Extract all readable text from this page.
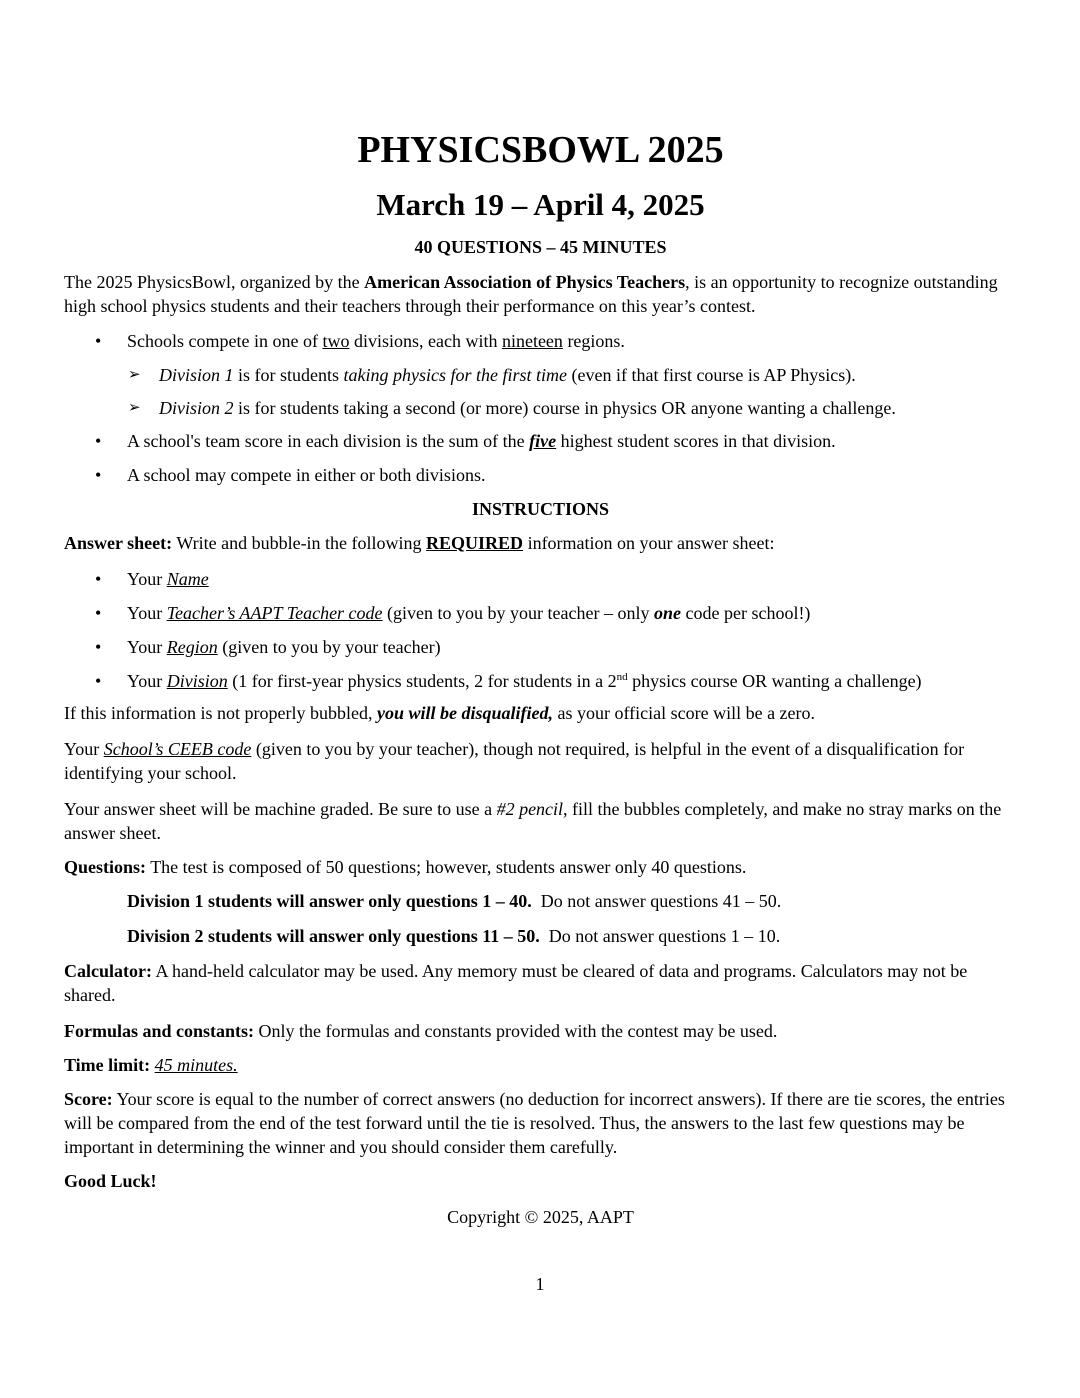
PHYSICSBOWL 2025
March 19 – April 4, 2025
40 QUESTIONS – 45 MINUTES

The 2025 PhysicsBowl, organized by the American Association of Physics Teachers, is an opportunity to recognize outstanding high school physics students and their teachers through their performance on this year’s contest.

• Schools compete in one of two divisions, each with nineteen regions.
➢ Division 1 is for students taking physics for the first time (even if that first course is AP Physics).
➢ Division 2 is for students taking a second (or more) course in physics OR anyone wanting a challenge.
• A school's team score in each division is the sum of the five highest student scores in that division.
• A school may compete in either or both divisions.

INSTRUCTIONS

Answer sheet: Write and bubble-in the following REQUIRED information on your answer sheet:

• Your Name
• Your Teacher’s AAPT Teacher code (given to you by your teacher – only one code per school!)
• Your Region (given to you by your teacher)
• Your Division (1 for first-year physics students, 2 for students in a 2nd physics course OR wanting a challenge)

If this information is not properly bubbled, you will be disqualified, as your official score will be a zero.

Your School’s CEEB code (given to you by your teacher), though not required, is helpful in the event of a disqualification for identifying your school.

Your answer sheet will be machine graded. Be sure to use a #2 pencil, fill the bubbles completely, and make no stray marks on the answer sheet.

Questions: The test is composed of 50 questions; however, students answer only 40 questions.

Division 1 students will answer only questions 1 – 40.  Do not answer questions 41 – 50.

Division 2 students will answer only questions 11 – 50.  Do not answer questions 1 – 10.

Calculator: A hand-held calculator may be used. Any memory must be cleared of data and programs. Calculators may not be shared.

Formulas and constants: Only the formulas and constants provided with the contest may be used.

Time limit: 45 minutes.

Score: Your score is equal to the number of correct answers (no deduction for incorrect answers). If there are tie scores, the entries will be compared from the end of the test forward until the tie is resolved. Thus, the answers to the last few questions may be important in determining the winner and you should consider them carefully.

Good Luck!

Copyright © 2025, AAPT

1
